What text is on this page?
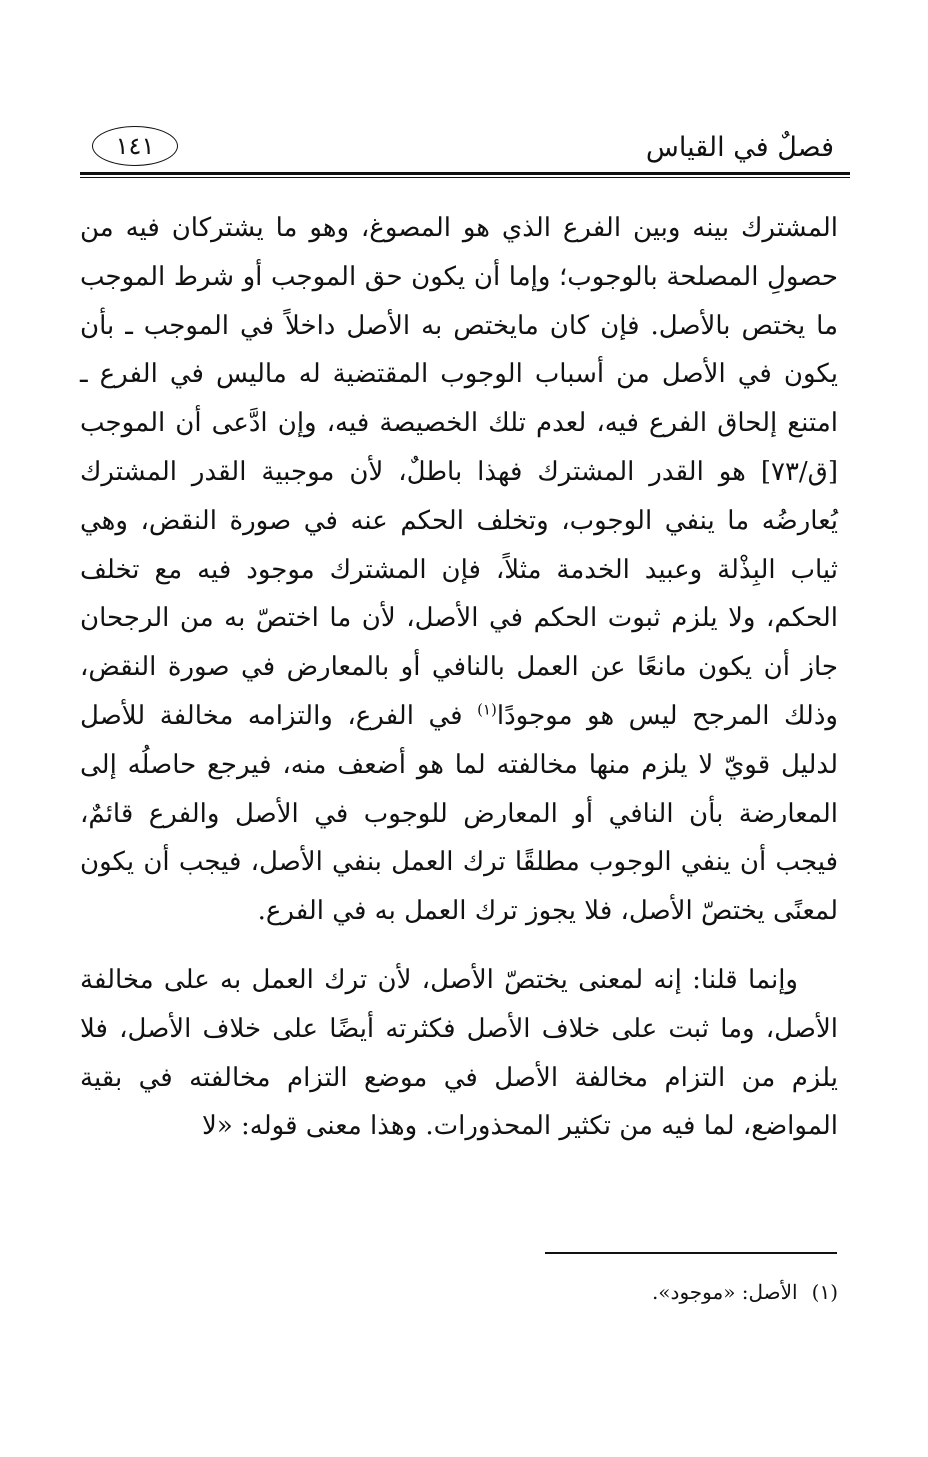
فصلٌ في القياس
١٤١

المشترك بينه وبين الفرع الذي هو المصوغ، وهو ما يشتركان فيه من حصولِ المصلحة بالوجوب؛ وإما أن يكون حق الموجب أو شرط الموجب ما يختص بالأصل. فإن كان مايختص به الأصل داخلاً في الموجب ـ بأن يكون في الأصل من أسباب الوجوب المقتضية له ماليس في الفرع ـ امتنع إلحاق الفرع فيه، لعدم تلك الخصيصة فيه، وإن ادَّعى أن الموجب [ق/٧٣] هو القدر المشترك فهذا باطلٌ، لأن موجبية القدر المشترك يُعارضُه ما ينفي الوجوب، وتخلف الحكم عنه في صورة النقض، وهي ثياب البِذْلة وعبيد الخدمة مثلاً، فإن المشترك موجود فيه مع تخلف الحكم، ولا يلزم ثبوت الحكم في الأصل، لأن ما اختصّ به من الرجحان جاز أن يكون مانعًا عن العمل بالنافي أو بالمعارض في صورة النقض، وذلك المرجح ليس هو موجودًا$^{(١)}$ في الفرع، والتزامه مخالفة للأصل لدليل قويّ لا يلزم منها مخالفته لما هو أضعف منه، فيرجع حاصلُه إلى المعارضة بأن النافي أو المعارض للوجوب في الأصل والفرع قائمٌ، فيجب أن ينفي الوجوب مطلقًا ترك العمل بنفي الأصل، فيجب أن يكون لمعنًى يختصّ الأصل، فلا يجوز ترك العمل به في الفرع.

وإنما قلنا: إنه لمعنى يختصّ الأصل، لأن ترك العمل به على مخالفة الأصل، وما ثبت على خلاف الأصل فكثرته أيضًا على خلاف الأصل، فلا يلزم من التزام مخالفة الأصل في موضع التزام مخالفته في بقية المواضع، لما فيه من تكثير المحذورات. وهذا معنى قوله: «لا

(١)الأصل: «موجود».
